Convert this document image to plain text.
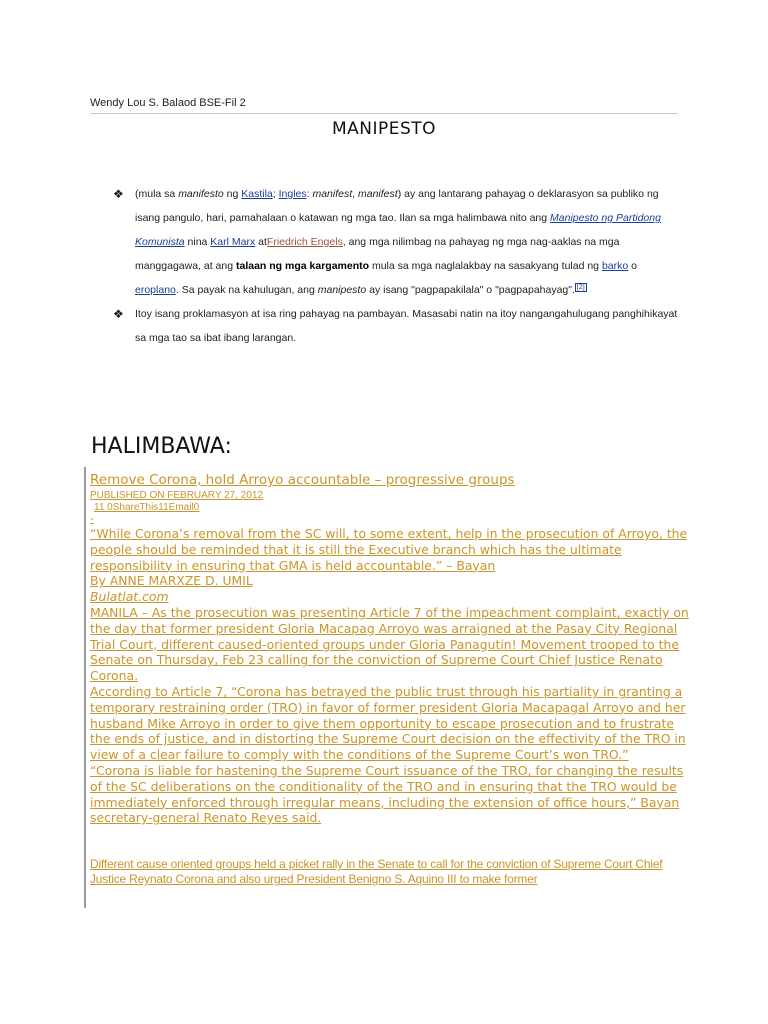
Wendy Lou S. Balaod BSE-Fil 2
MANIPESTO
❖ (mula sa manifesto ng Kastila; Ingles: manifest, manifest) ay ang lantarang pahayag o deklarasyon sa publiko ng isang pangulo, hari, pamahalaan o katawan ng mga tao. Ilan sa mga halimbawa nito ang Manipesto ng Partidong Komunista nina Karl Marx atFriedrich Engels, ang mga nilimbag na pahayag ng mga nag-aaklas na mga manggagawa, at ang talaan ng mga kargamento mula sa mga naglalakbay na sasakyang tulad ng barko o eroplano. Sa payak na kahulugan, ang manipesto ay isang "pagpapakilala" o "pagpapahayag". [2]
❖ Itoy isang proklamasyon at isa ring pahayag na pambayan. Masasabi natin na itoy nangangahulugang panghihikayat sa mga tao sa ibat ibang larangan.
HALIMBAWA:
Remove Corona, hold Arroyo accountable – progressive groups
PUBLISHED ON FEBRUARY 27, 2012
11 0ShareThis11Email0
-
“While Corona’s removal from the SC will, to some extent, help in the prosecution of Arroyo, the people should be reminded that it is still the Executive branch which has the ultimate responsibility in ensuring that GMA is held accountable.” – Bayan
By ANNE MARXZE D. UMIL
Bulatlat.com
MANILA – As the prosecution was presenting Article 7 of the impeachment complaint, exactly on the day that former president Gloria Macapag Arroyo was arraigned at the Pasay City Regional Trial Court, different caused-oriented groups under Gloria Panagutin! Movement trooped to the Senate on Thursday, Feb 23 calling for the conviction of Supreme Court Chief Justice Renato Corona.
According to Article 7, “Corona has betrayed the public trust through his partiality in granting a temporary restraining order (TRO) in favor of former president Gloria Macapagal Arroyo and her husband Mike Arroyo in order to give them opportunity to escape prosecution and to frustrate the ends of justice, and in distorting the Supreme Court decision on the effectivity of the TRO in view of a clear failure to comply with the conditions of the Supreme Court’s won TRO.”
“Corona is liable for hastening the Supreme Court issuance of the TRO, for changing the results of the SC deliberations on the conditionality of the TRO and in ensuring that the TRO would be immediately enforced through irregular means, including the extension of office hours,” Bayan secretary-general Renato Reyes said.
Different cause oriented groups held a picket rally in the Senate to call for the conviction of Supreme Court Chief Justice Reynato Corona and also urged President Benigno S. Aquino III to make former
